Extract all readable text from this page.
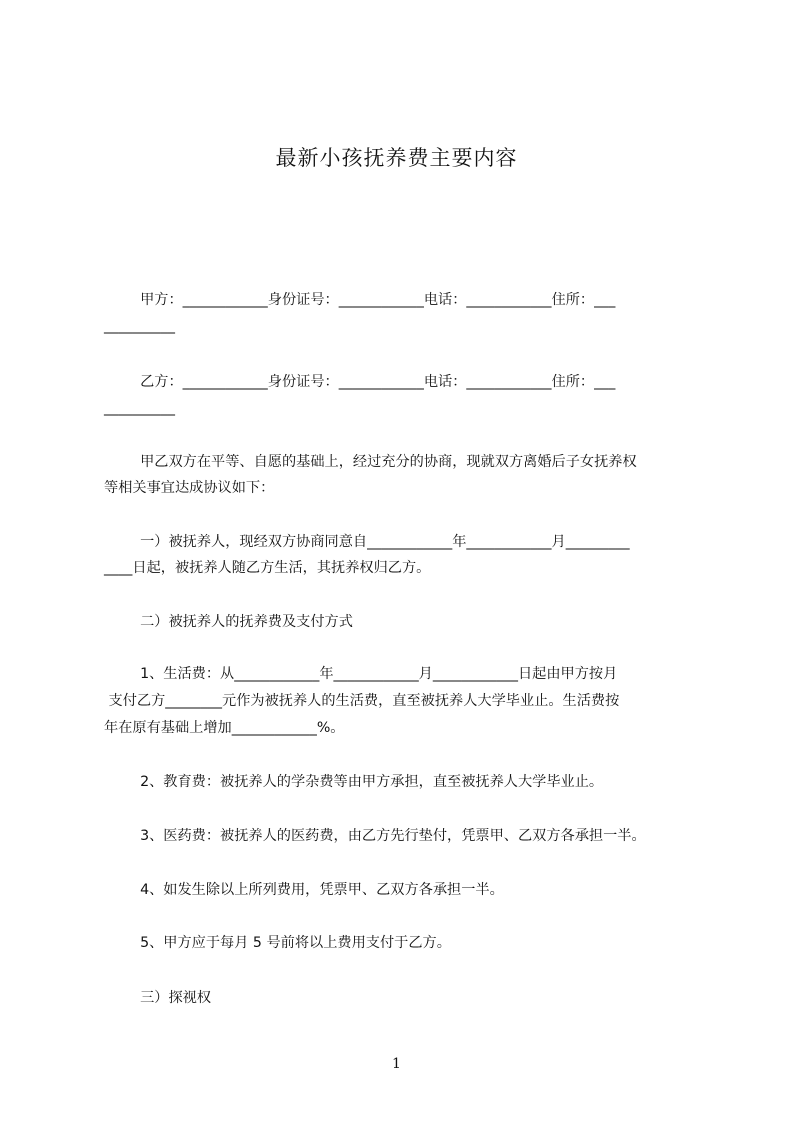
最新小孩抚养费主要内容
甲方：____________身份证号：____________电话：____________住所：___
__________
乙方：____________身份证号：____________电话：____________住所：___
__________
甲乙双方在平等、自愿的基础上，经过充分的协商，现就双方离婚后子女抚养权
等相关事宜达成协议如下：
一）被抚养人，现经双方协商同意自____________年____________月_________
____日起，被抚养人随乙方生活，其抚养权归乙方。
二）被抚养人的抚养费及支付方式
1、生活费：从____________年____________月____________日起由甲方按月
支付乙方________元作为被抚养人的生活费，直至被抚养人大学毕业止。生活费按
年在原有基础上增加____________%。
2、教育费：被抚养人的学杂费等由甲方承担，直至被抚养人大学毕业止。
3、医药费：被抚养人的医药费，由乙方先行垫付，凭票甲、乙双方各承担一半。
4、如发生除以上所列费用，凭票甲、乙双方各承担一半。
5、甲方应于每月 5 号前将以上费用支付于乙方。
三）探视权
1
